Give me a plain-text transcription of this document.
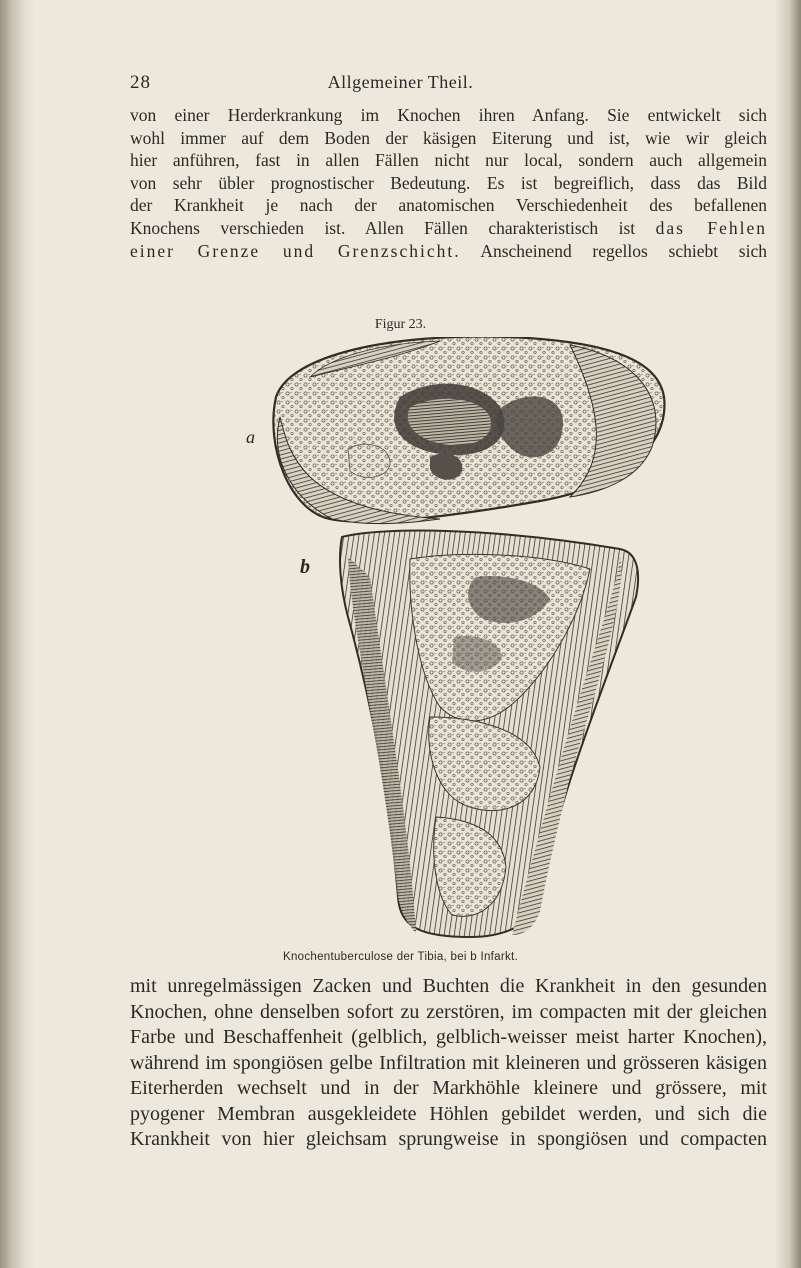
28	Allgemeiner Theil.
von einer Herderkrankung im Knochen ihren Anfang. Sie entwickelt sich
wohl immer auf dem Boden der käsigen Eiterung und ist, wie wir gleich
hier anführen, fast in allen Fällen nicht nur local, sondern auch allgemein
von sehr übler prognostischer Bedeutung. Es ist begreiflich, dass das Bild
der Krankheit je nach der anatomischen Verschiedenheit des befallenen
Knochens verschieden ist. Allen Fällen charakteristisch ist das Fehlen
einer Grenze und Grenzschicht. Anscheinend regellos schiebt sich
Figur 23.
a
b
Knochentuberculose der Tibia, bei b Infarkt.
mit unregelmässigen Zacken und Buchten die Krankheit in den gesunden
Knochen, ohne denselben sofort zu zerstören, im compacten mit der gleichen
Farbe und Beschaffenheit (gelblich, gelblich-weisser meist harter Knochen),
während im spongiösen gelbe Infiltration mit kleineren und grösseren käsigen
Eiterherden wechselt und in der Markhöhle kleinere und grössere, mit
pyogener Membran ausgekleidete Höhlen gebildet werden, und sich die
Krankheit von hier gleichsam sprungweise in spongiösen und compacten
